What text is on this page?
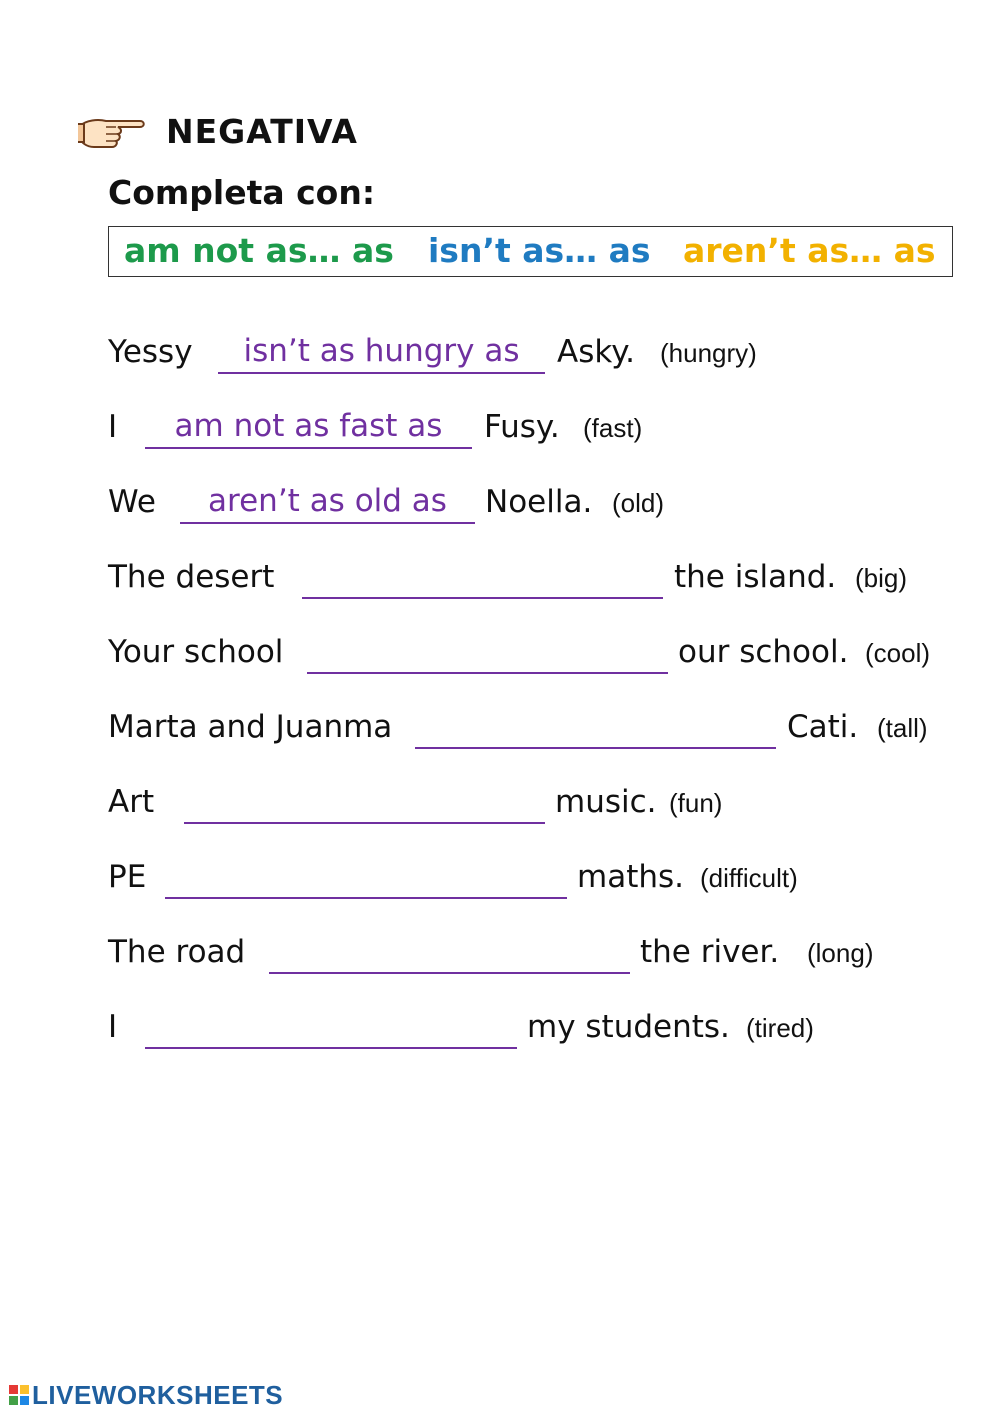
NEGATIVA
Completa con:
am not as… as isn’t as… as aren’t as… as
Yessy	isn’t as hungry as	Asky. (hungry)
I	am not as fast as	Fusy. (fast)
We	aren’t as old as	Noella. (old)
The desert	the island. (big)
Your school	our school. (cool)
Marta and Juanma	Cati. (tall)
Art	music. (fun)
PE	maths. (difficult)
The road	the river. (long)
I	my students. (tired)
LIVEWORKSHEETS
